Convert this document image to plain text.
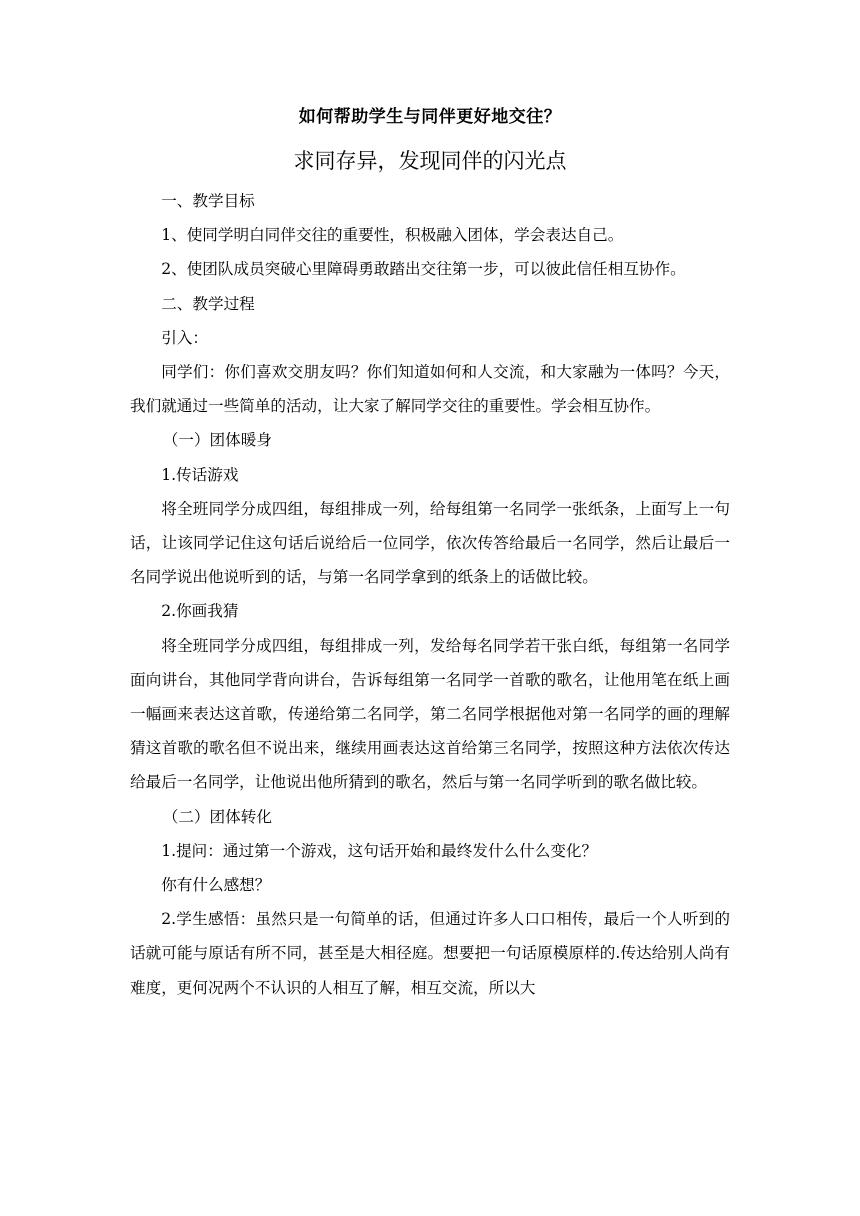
如何帮助学生与同伴更好地交往？
求同存异，发现同伴的闪光点

一、教学目标

1、使同学明白同伴交往的重要性，积极融入团体，学会表达自己。

2、使团队成员突破心里障碍勇敢踏出交往第一步，可以彼此信任相互协作。

二、教学过程

引入：

同学们：你们喜欢交朋友吗？你们知道如何和人交流，和大家融为一体吗？今天，我们就通过一些简单的活动，让大家了解同学交往的重要性。学会相互协作。

（一）团体暖身

1.传话游戏

将全班同学分成四组，每组排成一列，给每组第一名同学一张纸条，上面写上一句话，让该同学记住这句话后说给后一位同学，依次传答给最后一名同学，然后让最后一名同学说出他说听到的话，与第一名同学拿到的纸条上的话做比较。

2.你画我猜

将全班同学分成四组，每组排成一列，发给每名同学若干张白纸，每组第一名同学面向讲台，其他同学背向讲台，告诉每组第一名同学一首歌的歌名，让他用笔在纸上画一幅画来表达这首歌，传递给第二名同学，第二名同学根据他对第一名同学的画的理解猜这首歌的歌名但不说出来，继续用画表达这首给第三名同学，按照这种方法依次传达给最后一名同学，让他说出他所猜到的歌名，然后与第一名同学听到的歌名做比较。

（二）团体转化

1.提问：通过第一个游戏，这句话开始和最终发什么什么变化？

你有什么感想？

2.学生感悟：虽然只是一句简单的话，但通过许多人口口相传，最后一个人听到的话就可能与原话有所不同，甚至是大相径庭。想要把一句话原模原样的.传达给别人尚有难度，更何况两个不认识的人相互了解，相互交流，所以大
